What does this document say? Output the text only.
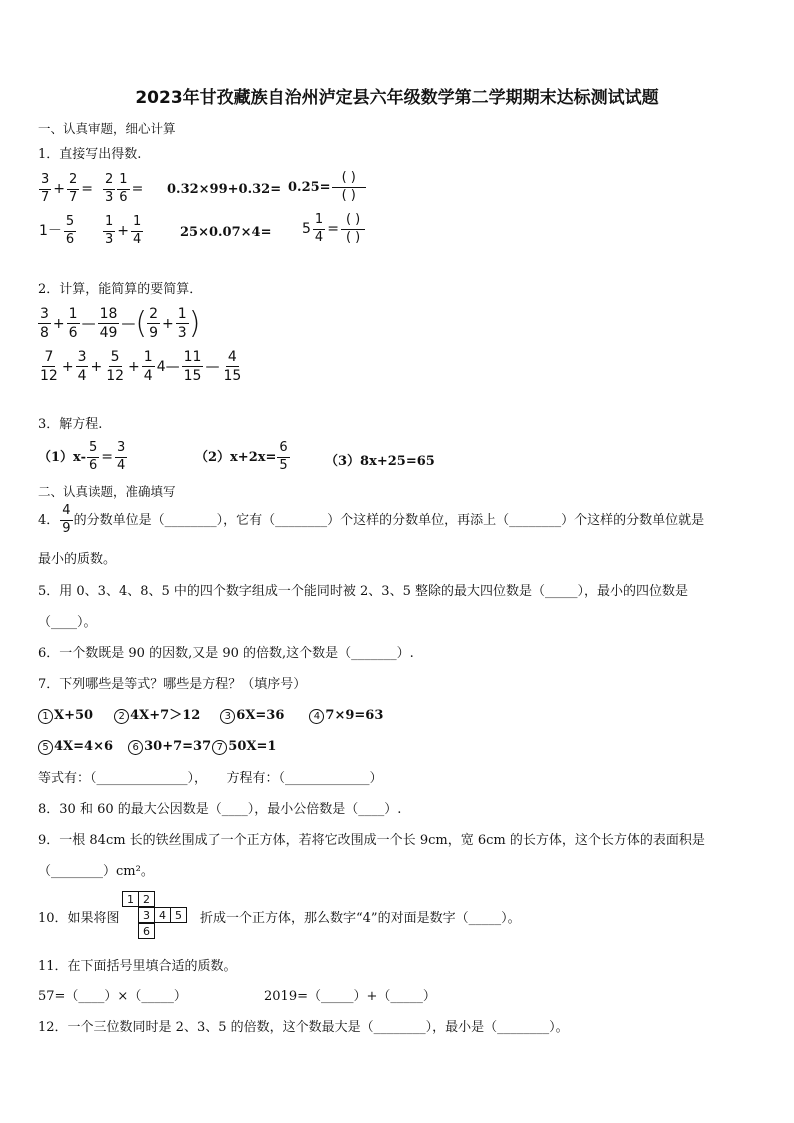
2023年甘孜藏族自治州泸定县六年级数学第二学期期末达标测试试题
一、认真审题，细心计算
1．直接写出得数.
$\frac{3}{7} + \frac{2}{7} = \frac{2}{3} \frac{1}{6} = 0.32\times 99+0.32= 0.25= \frac{( )}{( )}$
$1- \frac{5}{6} \frac{1}{3} + \frac{1}{4}$	$25\times 0.07\times 4= 5 \frac{1}{4} = \frac{( )}{( )}$
2．计算，能简算的要简算．
$\frac{3}{8} + \frac{1}{6}$ — $\frac{18}{49}$ — ( $\frac{2}{9} + \frac{1}{3}$ )
$\frac{7}{12} + \frac{3}{4} + \frac{5}{12} + \frac{1}{4}$ 4— $\frac{11}{15}$ — $\frac{4}{15}$
3．解方程.
$(1)x- \frac{5}{6} = \frac{3}{4}$	$(2)x+2x= \frac{6}{5}$	（3）8x+25=65
二、认真读题，准确填写
4． $\frac{4}{9}$ 的分数单位是（________），它有（________）个这样的分数单位，再添上（________）个这样的分数单位就是
最小的质数。
5．用 0、3、4、8、5 中的四个数字组成一个能同时被 2、3、5 整除的最大四位数是（_____），最小的四位数是
（____）。
6．一个数既是 90 的因数,又是 90 的倍数,这个数是（_______）.
7．下列哪些是等式？哪些是方程？（填序号）
1 X+50	2 4X+7＞12 3 6X=36	4 7×9=63
5 4X=4×6 6 30+7=37 7 50X=1
等式有：（______________），　　方程有：（_____________）
8．30 和 60 的最大公因数是（____），最小公倍数是（____）.
9．一根 84cm 长的铁丝围成了一个正方体，若将它改围成一个长 9cm，宽 6cm 的长方体，这个长方体的表面积是
（________）cm²。
10．如果将图
1 2
3 4 5
6
折成一个正方体，那么数字“4”的对面是数字（_____）。
11．在下面括号里填合适的质数。
57=（____）×（_____）	2019=（_____）+（_____）
12．一个三位数同时是 2、3、5 的倍数，这个数最大是（________），最小是（________）。
